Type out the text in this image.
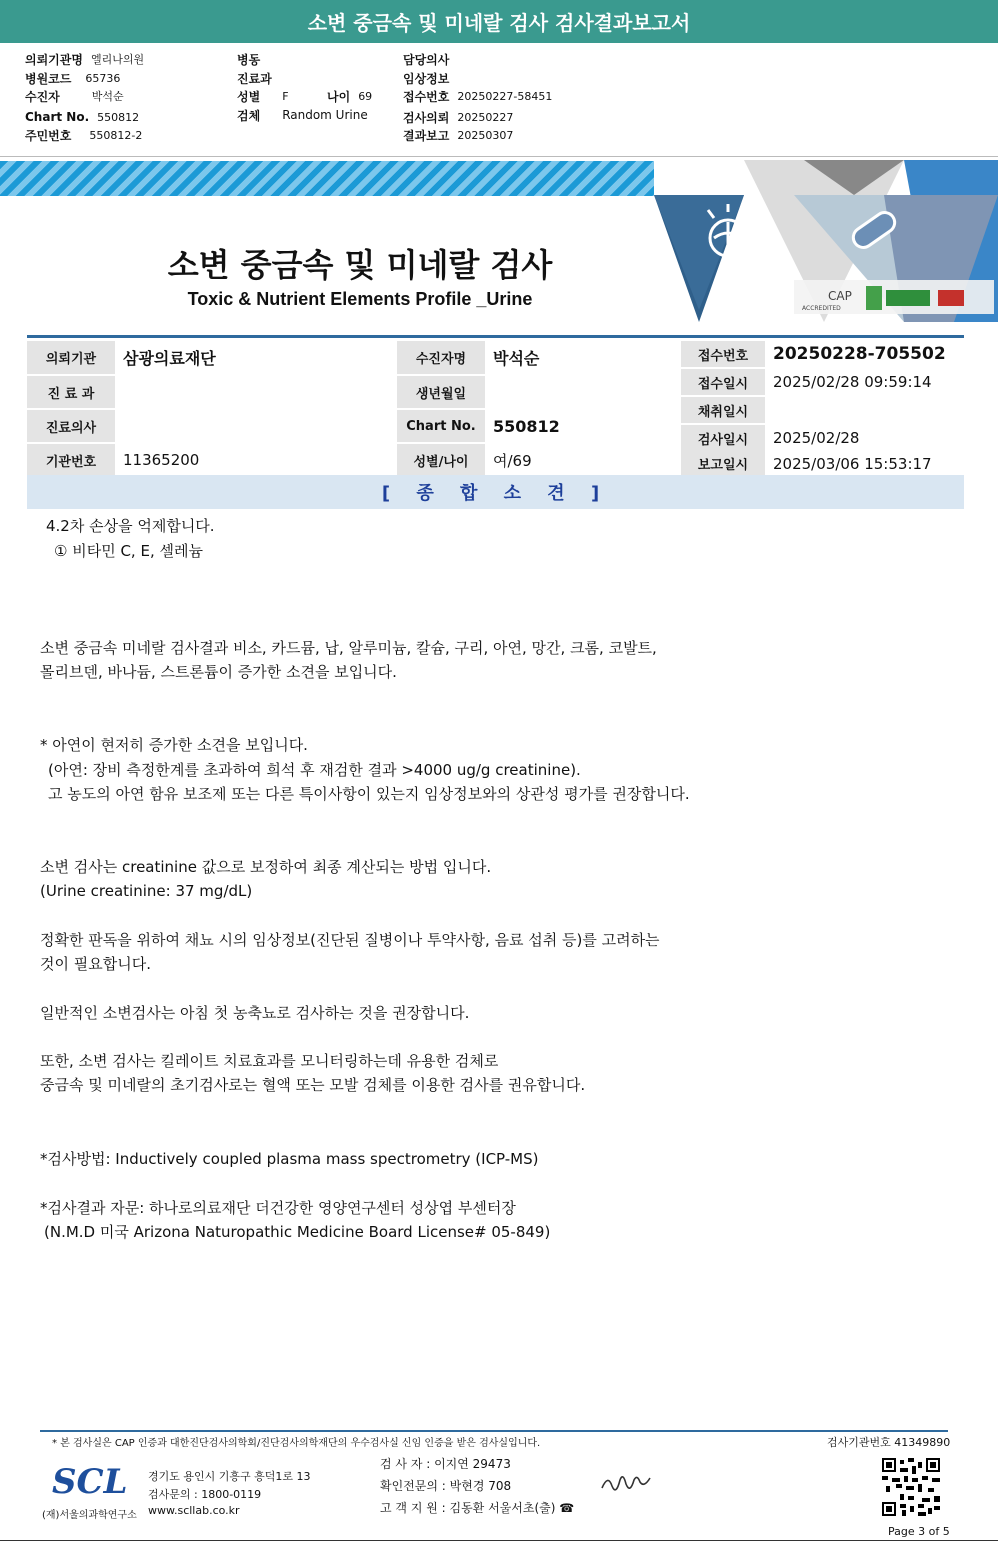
소변 중금속 및 미네랄 검사 검사결과보고서
의뢰기관명 엘리나의원
병원코드 65736
수진자	박석순
Chart No. 550812
주민번호 550812-2
병동
진료과
성별 F	나이 69
검체 Random Urine
담당의사
임상정보
접수번호 20250227-58451
검사의뢰 20250227
결과보고 20250307
소변 중금속 및 미네랄 검사
Toxic & Nutrient Elements Profile _Urine	CAP
ACCREDITED
의뢰기관	삼광의료재단
진 료 과
진료의사
기관번호	11365200
수진자명	박석순
생년월일
Chart No.	550812
성별/나이	여/69
접수번호	20250228-705502
접수일시	2025/02/28 09:59:14
채취일시
검사일시	2025/02/28
보고일시	2025/03/06 15:53:17
[ 종 합 소 견 ]
4.2차 손상을 억제합니다.
① 비타민 C, E, 셀레늄
소변 중금속 미네랄 검사결과 비소, 카드뮴, 납, 알루미늄, 칼슘, 구리, 아연, 망간, 크롬, 코발트,
몰리브덴, 바나듐, 스트론튬이 증가한 소견을 보입니다.
* 아연이 현저히 증가한 소견을 보입니다.
(아연: 장비 측정한계를 초과하여 희석 후 재검한 결과 >4000 ug/g creatinine).
고 농도의 아연 함유 보조제 또는 다른 특이사항이 있는지 임상정보와의 상관성 평가를 권장합니다.
소변 검사는 creatinine 값으로 보정하여 최종 계산되는 방법 입니다.
(Urine creatinine: 37 mg/dL)
정확한 판독을 위하여 채뇨 시의 임상정보(진단된 질병이나 투약사항, 음료 섭취 등)를 고려하는
것이 필요합니다.
일반적인 소변검사는 아침 첫 농축뇨로 검사하는 것을 권장합니다.
또한, 소변 검사는 킬레이트 치료효과를 모니터링하는데 유용한 검체로
중금속 및 미네랄의 초기검사로는 혈액 또는 모발 검체를 이용한 검사를 권유합니다.
*검사방법: Inductively coupled plasma mass spectrometry (ICP-MS)
*검사결과 자문: 하나로의료재단 더건강한 영양연구센터 성상엽 부센터장
(N.M.D 미국 Arizona Naturopathic Medicine Board License# 05-849)
* 본 검사실은 CAP 인증과 대한진단검사의학회/진단검사의학재단의 우수검사실 신임 인증을 받은 검사실입니다.	검사기관번호 41349890
SCL
(재)서울의과학연구소
경기도 용인시 기흥구 흥덕1로 13
검사문의 : 1800-0119
www.scllab.co.kr
검 사 자 : 이지연 29473
확인전문의 : 박현경 708
고 객 지 원 : 김동환 서울서초(출) ☎
Page 3 of 5
